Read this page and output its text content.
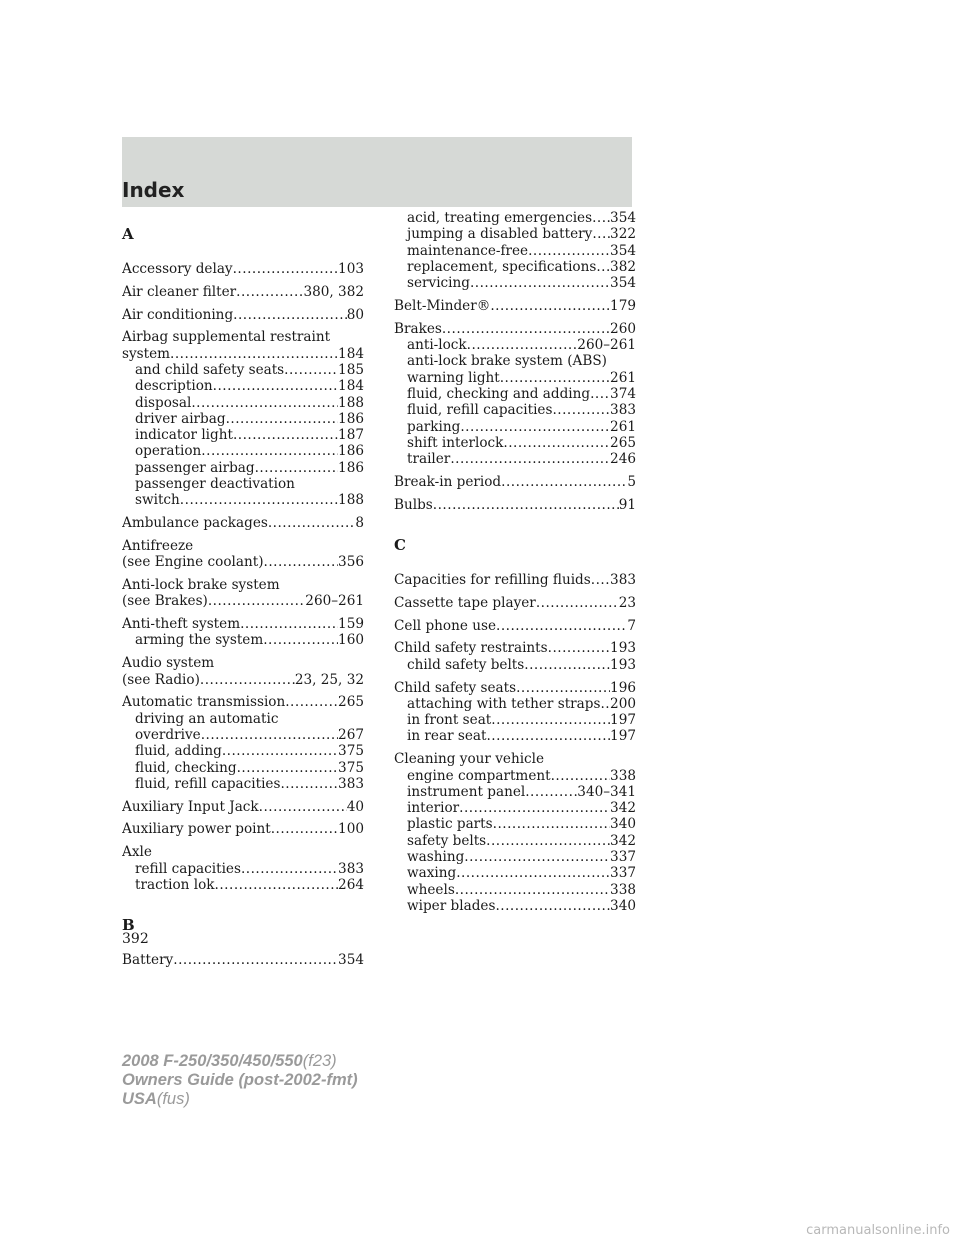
Index
A
Accessory delay .....	103
Air cleaner filter .....	380, 382
Air conditioning .....	80
Airbag supplemental restraint
system .....	184
and child safety seats .....	185
description .....	184
disposal .....	188
driver airbag .....	186
indicator light .....	187
operation .....	186
passenger airbag .....	186
passenger deactivation
switch .....	188
Ambulance packages .....	8
Antifreeze
(see Engine coolant) .....	356
Anti-lock brake system
(see Brakes) .....	260–261
Anti-theft system .....	159
arming the system .....	160
Audio system
(see Radio) .....	23, 25, 32
Automatic transmission .....	265
driving an automatic
overdrive .....	267
fluid, adding .....	375
fluid, checking .....	375
fluid, refill capacities .....	383
Auxiliary Input Jack .....	40
Auxiliary power point .....	100
Axle
refill capacities .....	383
traction lok .....	264
B
Battery .....	354
acid, treating emergencies ..... 354
jumping a disabled battery ..... 322
maintenance-free .....	354
replacement, specifications ..... 382
servicing .....	354
Belt-Minder® .....	179
Brakes .....	260
anti-lock .....	260–261
anti-lock brake system (ABS)
warning light .....	261
fluid, checking and adding ..... 374
fluid, refill capacities .....	383
parking .....	261
shift interlock .....	265
trailer .....	246
Break-in period .....	5
Bulbs .....	91
C
Capacities for refilling fluids ..... 383
Cassette tape player .....	23
Cell phone use .....	7
Child safety restraints .....	193
child safety belts .....	193
Child safety seats .....	196
attaching with tether straps ..... 200
in front seat .....	197
in rear seat .....	197
Cleaning your vehicle
engine compartment .....	338
instrument panel .....	340–341
interior .....	342
plastic parts .....	340
safety belts .....	342
washing .....	337
waxing .....	337
wheels .....	338
wiper blades .....	340
392
2008 F-250/350/450/550(f23)
Owners Guide (post-2002-fmt)
USA(fus)
carmanualsonline.info
